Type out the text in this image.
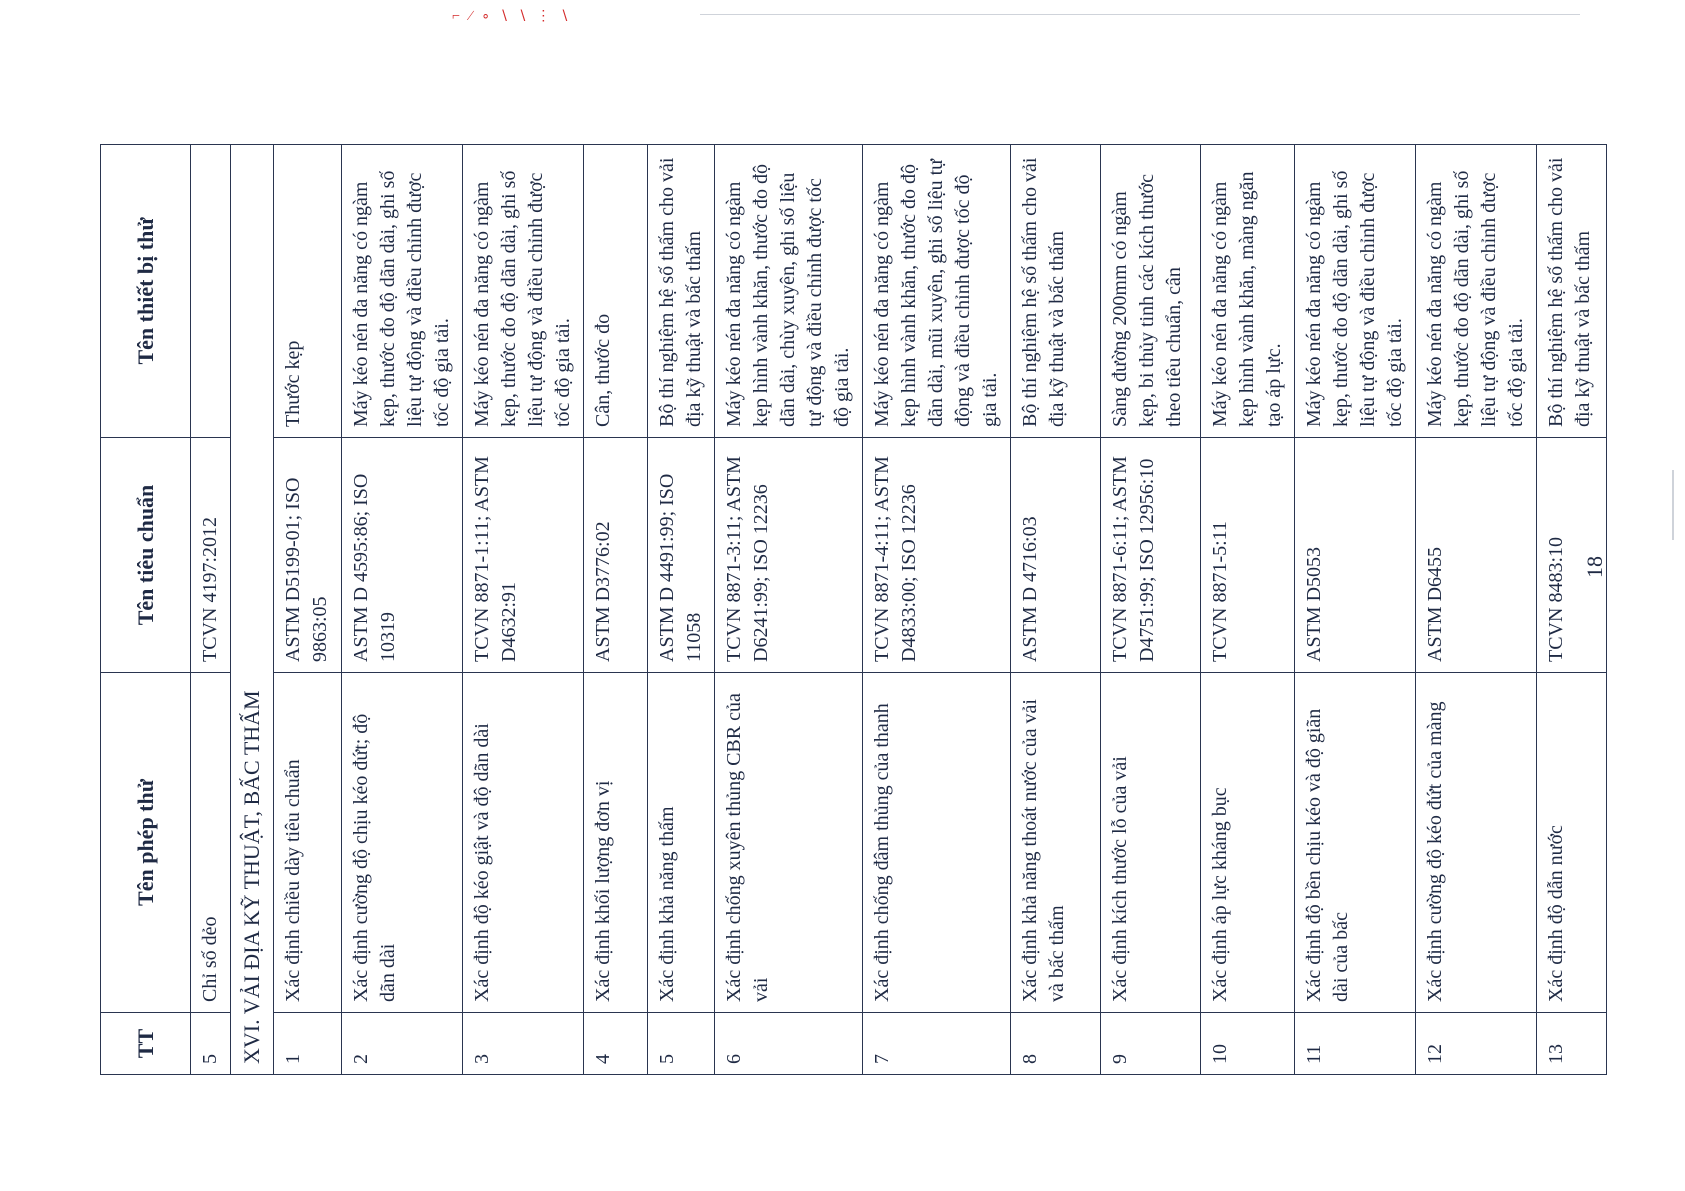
⌐ ∕ ∘ ∖ ∖ ⋮ ∖
TT	Tên phép thử	Tên tiêu chuẩn	Tên thiết bị thử
5	Chỉ số dẻo	TCVN 4197:2012	
XVI. VẢI ĐỊA KỸ THUẬT, BẤC THẤM			
1	Xác định chiều dày tiêu chuẩn	ASTM D5199-01; ISO 9863:05	Thước kẹp
2	Xác định cường độ chịu kéo đứt; độ dãn dài	ASTM D 4595:86; ISO 10319	Máy kéo nén đa năng có ngàm kẹp, thước đo độ dãn dài, ghi số liệu tự động và điều chỉnh được tốc độ gia tải.
3	Xác định độ kéo giật và độ dãn dài	TCVN 8871-1:11; ASTM D4632:91	Máy kéo nén đa năng có ngàm kẹp, thước đo độ dãn dài, ghi số liệu tự động và điều chỉnh được tốc độ gia tải.
4	Xác định khối lượng đơn vị	ASTM D3776:02	Cân, thước đo
5	Xác định khả năng thấm	ASTM D 4491:99; ISO 11058	Bộ thí nghiệm hệ số thấm cho vải địa kỹ thuật và bấc thấm
6	Xác định chống xuyên thủng CBR của vải	TCVN 8871-3:11; ASTM D6241:99; ISO 12236	Máy kéo nén đa năng có ngàm kẹp hình vành khăn, thước đo độ dãn dài, chùy xuyên, ghi số liệu tự động và điều chỉnh được tốc độ gia tải.
7	Xác định chống đâm thủng của thanh	TCVN 8871-4:11; ASTM D4833:00; ISO 12236	Máy kéo nén đa năng có ngàm kẹp hình vành khăn, thước đo độ dãn dài, mũi xuyên, ghi số liệu tự động và điều chỉnh được tốc độ gia tải.
8	Xác định khả năng thoát nước của vải và bấc thấm	ASTM D 4716:03	Bộ thí nghiệm hệ số thấm cho vải địa kỹ thuật và bấc thấm
9	Xác định kích thước lỗ của vải	TCVN 8871-6:11; ASTM D4751:99; ISO 12956:10	Sàng đường 200mm có ngàm kẹp, bi thủy tinh các kích thước theo tiêu chuẩn, cân
10	Xác định áp lực kháng bục	TCVN 8871-5:11	Máy kéo nén đa năng có ngàm kẹp hình vành khăn, màng ngăn tạo áp lực.
11	Xác định độ bền chịu kéo và độ giãn dài của bấc	ASTM D5053	Máy kéo nén đa năng có ngàm kẹp, thước đo độ dãn dài, ghi số liệu tự động và điều chỉnh được tốc độ gia tải.
12	Xác định cường độ kéo đứt của màng	ASTM D6455	Máy kéo nén đa năng có ngàm kẹp, thước đo độ dãn dài, ghi số liệu tự động và điều chỉnh được tốc độ gia tải.
13	Xác định độ dẫn nước	TCVN 8483:10	Bộ thí nghiệm hệ số thấm cho vải địa kỹ thuật và bấc thấm
18
